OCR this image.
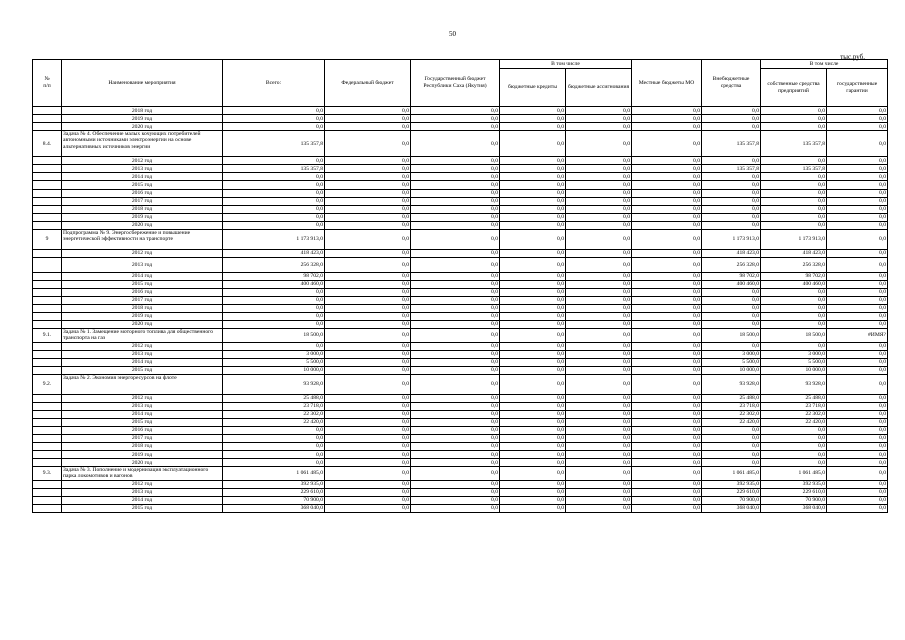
50
тыс.руб.
№
п/п	Наименование мероприятия	Всего:	Федеральный бюджет	Государственный бюджет Республики Саха (Якутия)	В том числе		Местные бюджеты МО	Внебюджетные средства	В том числе	
					бюджетные кредиты	бюджетные ассигнования			собственные средства предприятий	государственные гарантии
	2018 год	0,0	0,0	0,0	0,0	0,0	0,0	0,0	0,0	0,0
	2019 год	0,0	0,0	0,0	0,0	0,0	0,0	0,0	0,0	0,0
	2020 год	0,0	0,0	0,0	0,0	0,0	0,0	0,0	0,0	0,0
8.4.	Задача № 4. Обеспечение малых кочующих потребителей автономными источниками электроэнергии на основе альтернативных источников энергии	135 357,8	0,0	0,0	0,0	0,0	0,0	135 357,8	135 357,8	0,0
	2012 год	0,0	0,0	0,0	0,0	0,0	0,0	0,0	0,0	0,0
	2013 год	135 357,8	0,0	0,0	0,0	0,0	0,0	135 357,8	135 357,8	0,0
	2014 год	0,0	0,0	0,0	0,0	0,0	0,0	0,0	0,0	0,0
	2015 год	0,0	0,0	0,0	0,0	0,0	0,0	0,0	0,0	0,0
	2016 год	0,0	0,0	0,0	0,0	0,0	0,0	0,0	0,0	0,0
	2017 год	0,0	0,0	0,0	0,0	0,0	0,0	0,0	0,0	0,0
	2018 год	0,0	0,0	0,0	0,0	0,0	0,0	0,0	0,0	0,0
	2019 год	0,0	0,0	0,0	0,0	0,0	0,0	0,0	0,0	0,0
	2020 год	0,0	0,0	0,0	0,0	0,0	0,0	0,0	0,0	0,0
9	Подпрограмма № 9. Энергосбережение и повышение энергетической эффективности на транспорте	1 173 913,0	0,0	0,0	0,0	0,0	0,0	1 173 913,0	1 173 913,0	0,0
	2012 год	418 423,0	0,0	0,0	0,0	0,0	0,0	418 423,0	418 423,0	0,0
	2013 год	256 328,0	0,0	0,0	0,0	0,0	0,0	256 328,0	256 328,0	0,0
	2014 год	98 702,0	0,0	0,0	0,0	0,0	0,0	98 702,0	98 702,0	0,0
	2015 год	400 460,0	0,0	0,0	0,0	0,0	0,0	400 460,0	400 460,0	0,0
	2016 год	0,0	0,0	0,0	0,0	0,0	0,0	0,0	0,0	0,0
	2017 год	0,0	0,0	0,0	0,0	0,0	0,0	0,0	0,0	0,0
	2018 год	0,0	0,0	0,0	0,0	0,0	0,0	0,0	0,0	0,0
	2019 год	0,0	0,0	0,0	0,0	0,0	0,0	0,0	0,0	0,0
	2020 год	0,0	0,0	0,0	0,0	0,0	0,0	0,0	0,0	0,0
9.1.	Задача № 1. Замещение моторного топлива для общественного транспорта на газ	18 500,0	0,0	0,0	0,0	0,0	0,0	18 500,0	18 500,0	#ИМЯ?
	2012 год	0,0	0,0	0,0	0,0	0,0	0,0	0,0	0,0	0,0
	2013 год	3 000,0	0,0	0,0	0,0	0,0	0,0	3 000,0	3 000,0	0,0
	2014 год	5 500,0	0,0	0,0	0,0	0,0	0,0	5 500,0	5 500,0	0,0
	2015 год	10 000,0	0,0	0,0	0,0	0,0	0,0	10 000,0	10 000,0	0,0
9.2.	Задача № 2. Экономия энергоресурсов на флоте	93 928,0	0,0	0,0	0,0	0,0	0,0	93 928,0	93 928,0	0,0
	2012 год	25 488,0	0,0	0,0	0,0	0,0	0,0	25 488,0	25 488,0	0,0
	2013 год	23 718,0	0,0	0,0	0,0	0,0	0,0	23 718,0	23 718,0	0,0
	2014 год	22 302,0	0,0	0,0	0,0	0,0	0,0	22 302,0	22 302,0	0,0
	2015 год	22 420,0	0,0	0,0	0,0	0,0	0,0	22 420,0	22 420,0	0,0
	2016 год	0,0	0,0	0,0	0,0	0,0	0,0	0,0	0,0	0,0
	2017 год	0,0	0,0	0,0	0,0	0,0	0,0	0,0	0,0	0,0
	2018 год	0,0	0,0	0,0	0,0	0,0	0,0	0,0	0,0	0,0
	2019 год	0,0	0,0	0,0	0,0	0,0	0,0	0,0	0,0	0,0
	2020 год	0,0	0,0	0,0	0,0	0,0	0,0	0,0	0,0	0,0
9.3.	Задача № 3. Пополнение и модернизация эксплуатационного парка локомотивов и вагонов	1 061 485,0	0,0	0,0	0,0	0,0	0,0	1 061 485,0	1 061 485,0	0,0
	2012 год	392 935,0	0,0	0,0	0,0	0,0	0,0	392 935,0	392 935,0	0,0
	2013 год	229 610,0	0,0	0,0	0,0	0,0	0,0	229 610,0	229 610,0	0,0
	2014 год	70 900,0	0,0	0,0	0,0	0,0	0,0	70 900,0	70 900,0	0,0
	2015 год	368 040,0	0,0	0,0	0,0	0,0	0,0	368 040,0	368 040,0	0,0
